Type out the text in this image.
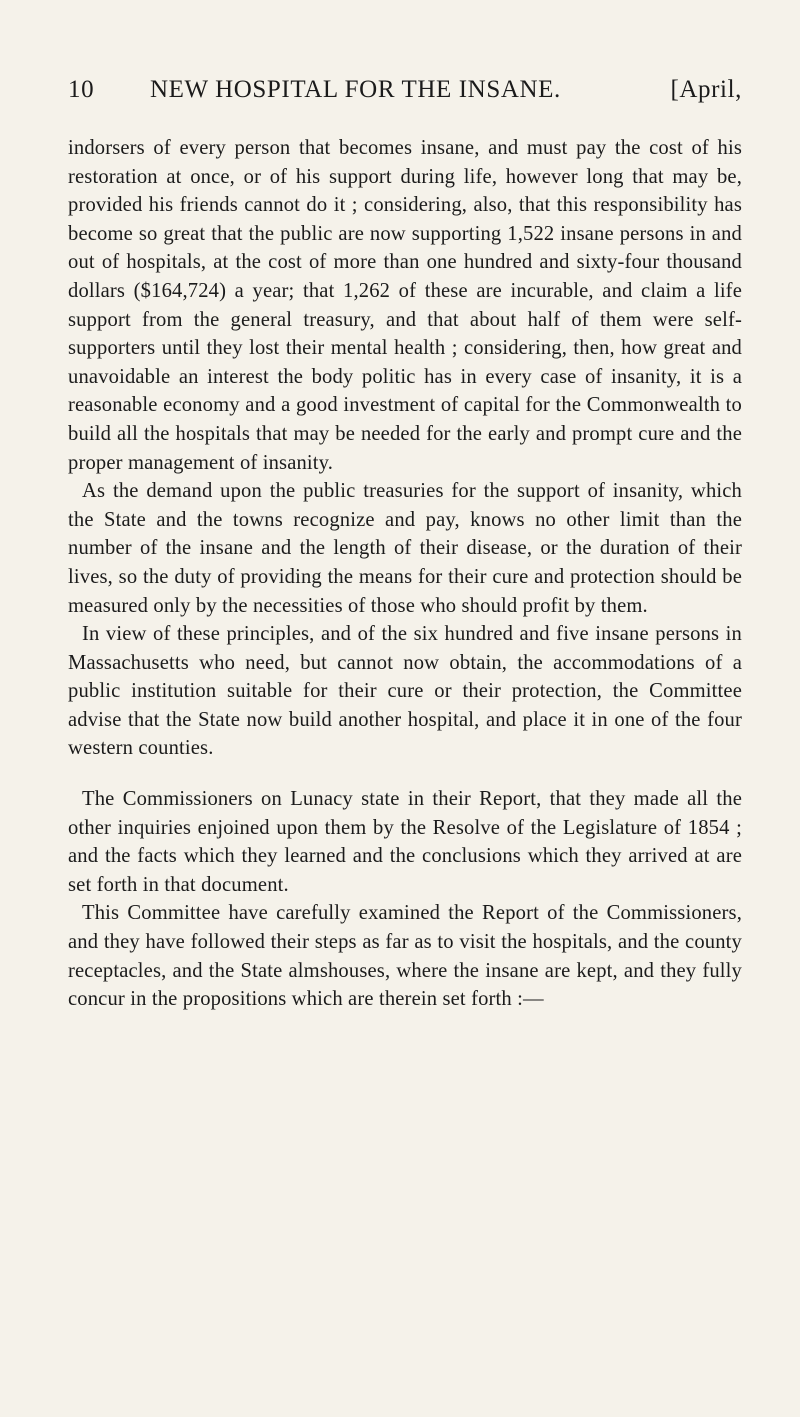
10	NEW HOSPITAL FOR THE INSANE.	[April,

indorsers of every person that becomes insane, and must pay the cost of his restoration at once, or of his support during life, however long that may be, provided his friends cannot do it ; considering, also, that this responsibility has become so great that the public are now supporting 1,522 insane persons in and out of hospitals, at the cost of more than one hundred and sixty-four thousand dollars ($164,724) a year; that 1,262 of these are incurable, and claim a life support from the general treasury, and that about half of them were self-supporters until they lost their mental health ; considering, then, how great and unavoidable an interest the body politic has in every case of insanity, it is a reasonable economy and a good investment of capital for the Commonwealth to build all the hospitals that may be needed for the early and prompt cure and the proper management of insanity.

As the demand upon the public treasuries for the support of insanity, which the State and the towns recognize and pay, knows no other limit than the number of the insane and the length of their disease, or the duration of their lives, so the duty of providing the means for their cure and protection should be measured only by the necessities of those who should profit by them.

In view of these principles, and of the six hundred and five insane persons in Massachusetts who need, but cannot now obtain, the accommodations of a public institution suitable for their cure or their protection, the Committee advise that the State now build another hospital, and place it in one of the four western counties.

The Commissioners on Lunacy state in their Report, that they made all the other inquiries enjoined upon them by the Resolve of the Legislature of 1854 ; and the facts which they learned and the conclusions which they arrived at are set forth in that document.

This Committee have carefully examined the Report of the Commissioners, and they have followed their steps as far as to visit the hospitals, and the county receptacles, and the State almshouses, where the insane are kept, and they fully concur in the propositions which are therein set forth :—
